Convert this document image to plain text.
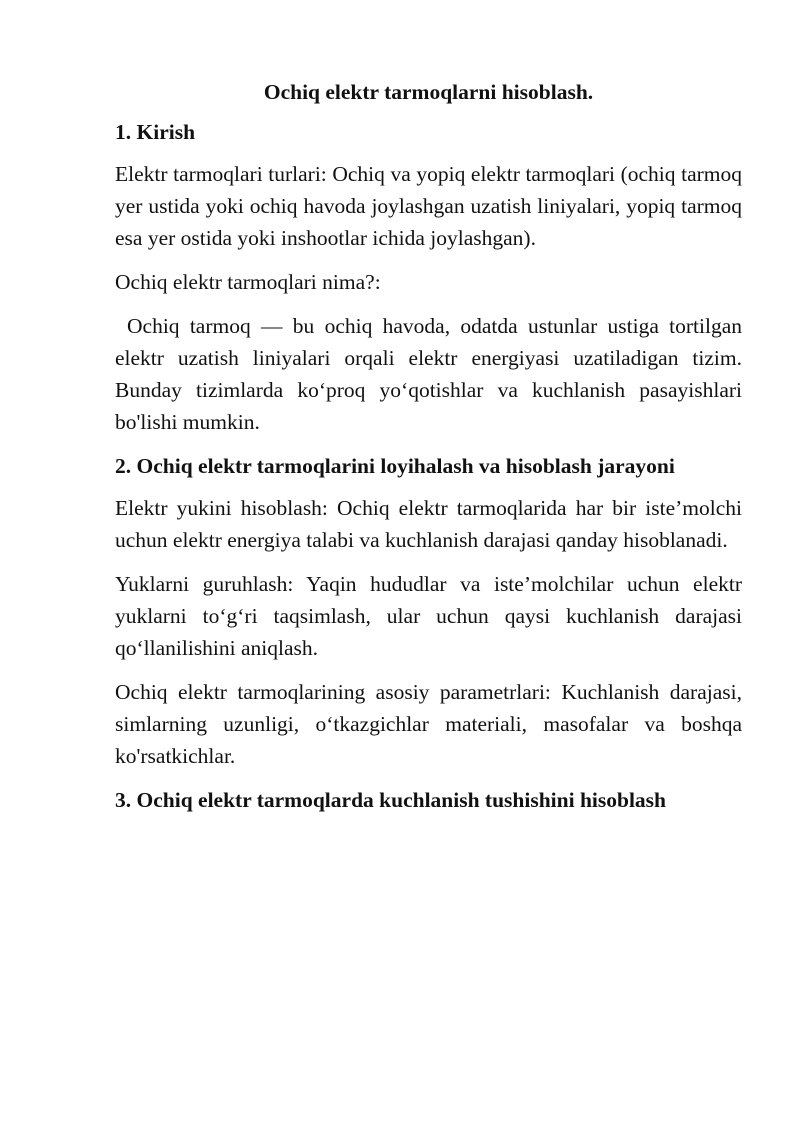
Ochiq elektr tarmoqlarni hisoblash.

1. Kirish

Elektr tarmoqlari turlari: Ochiq va yopiq elektr tarmoqlari (ochiq tarmoq yer ustida yoki ochiq havoda joylashgan uzatish liniyalari, yopiq tarmoq esa yer ostida yoki inshootlar ichida joylashgan).

Ochiq elektr tarmoqlari nima?:

Ochiq tarmoq — bu ochiq havoda, odatda ustunlar ustiga tortilgan elektr uzatish liniyalari orqali elektr energiyasi uzatiladigan tizim. Bunday tizimlarda ko‘proq yo‘qotishlar va kuchlanish pasayishlari bo'lishi mumkin.

2. Ochiq elektr tarmoqlarini loyihalash va hisoblash jarayoni

Elektr yukini hisoblash: Ochiq elektr tarmoqlarida har bir iste’molchi uchun elektr energiya talabi va kuchlanish darajasi qanday hisoblanadi.

Yuklarni guruhlash: Yaqin hududlar va iste’molchilar uchun elektr yuklarni to‘g‘ri taqsimlash, ular uchun qaysi kuchlanish darajasi qo‘llanilishini aniqlash.

Ochiq elektr tarmoqlarining asosiy parametrlari: Kuchlanish darajasi, simlarning uzunligi, o‘tkazgichlar materiali, masofalar va boshqa ko'rsatkichlar.

3. Ochiq elektr tarmoqlarda kuchlanish tushishini hisoblash
